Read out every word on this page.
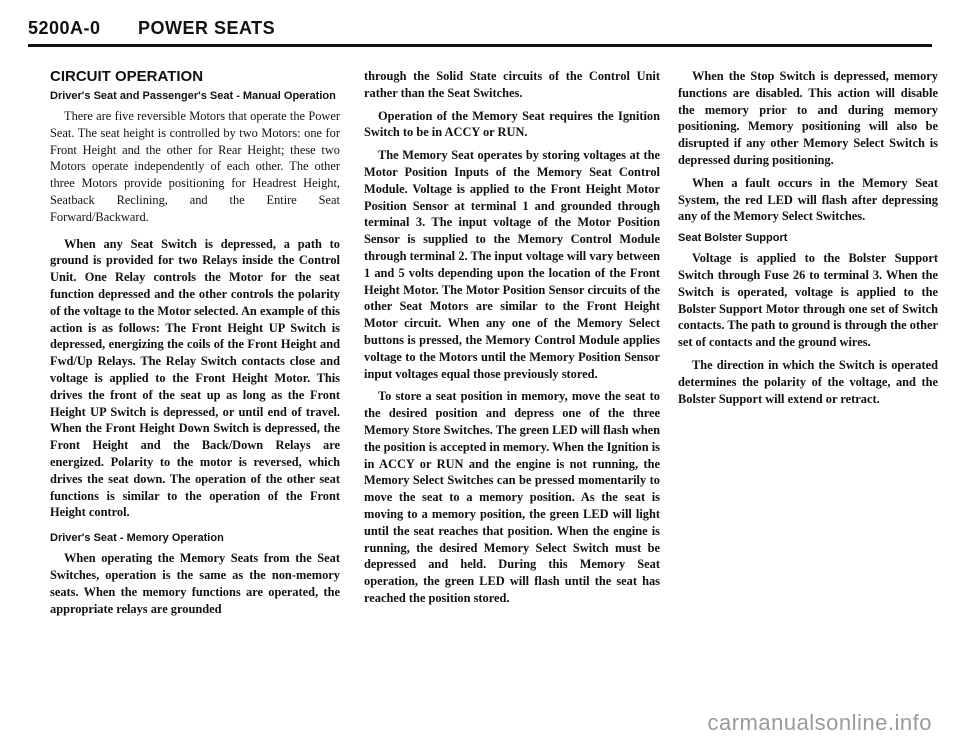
5200A-0 POWER SEATS
CIRCUIT OPERATION
Driver's Seat and Passenger's Seat - Manual Operation

There are five reversible Motors that operate the Power Seat. The seat height is controlled by two Motors: one for Front Height and the other for Rear Height; these two Motors operate independently of each other. The other three Motors provide positioning for Headrest Height, Seatback Reclining, and the Entire Seat Forward/Backward.

When any Seat Switch is depressed, a path to ground is provided for two Relays inside the Control Unit. One Relay controls the Motor for the seat function depressed and the other controls the polarity of the voltage to the Motor selected. An example of this action is as follows: The Front Height UP Switch is depressed, energizing the coils of the Front Height and Fwd/Up Relays. The Relay Switch contacts close and voltage is applied to the Front Height Motor. This drives the front of the seat up as long as the Front Height UP Switch is depressed, or until end of travel. When the Front Height Down Switch is depressed, the Front Height and the Back/Down Relays are energized. Polarity to the motor is reversed, which drives the seat down. The operation of the other seat functions is similar to the operation of the Front Height control.

Driver's Seat - Memory Operation

When operating the Memory Seats from the Seat Switches, operation is the same as the non-memory seats. When the memory functions are operated, the appropriate relays are grounded

through the Solid State circuits of the Control Unit rather than the Seat Switches.

Operation of the Memory Seat requires the Ignition Switch to be in ACCY or RUN.

The Memory Seat operates by storing voltages at the Motor Position Inputs of the Memory Seat Control Module. Voltage is applied to the Front Height Motor Position Sensor at terminal 1 and grounded through terminal 3. The input voltage of the Motor Position Sensor is supplied to the Memory Control Module through terminal 2. The input voltage will vary between 1 and 5 volts depending upon the location of the Front Height Motor. The Motor Position Sensor circuits of the other Seat Motors are similar to the Front Height Motor circuit. When any one of the Memory Select buttons is pressed, the Memory Control Module applies voltage to the Motors until the Memory Position Sensor input voltages equal those previously stored.

To store a seat position in memory, move the seat to the desired position and depress one of the three Memory Store Switches. The green LED will flash when the position is accepted in memory. When the Ignition is in ACCY or RUN and the engine is not running, the Memory Select Switches can be pressed momentarily to move the seat to a memory position. As the seat is moving to a memory position, the green LED will light until the seat reaches that position. When the engine is running, the desired Memory Select Switch must be depressed and held. During this Memory Seat operation, the green LED will flash until the seat has reached the position stored.

When the Stop Switch is depressed, memory functions are disabled. This action will disable the memory prior to and during memory positioning. Memory positioning will also be disrupted if any other Memory Select Switch is depressed during positioning.

When a fault occurs in the Memory Seat System, the red LED will flash after depressing any of the Memory Select Switches.

Seat Bolster Support

Voltage is applied to the Bolster Support Switch through Fuse 26 to terminal 3. When the Switch is operated, voltage is applied to the Bolster Support Motor through one set of Switch contacts. The path to ground is through the other set of contacts and the ground wires.

The direction in which the Switch is operated determines the polarity of the voltage, and the Bolster Support will extend or retract.

carmanualsonline.info
